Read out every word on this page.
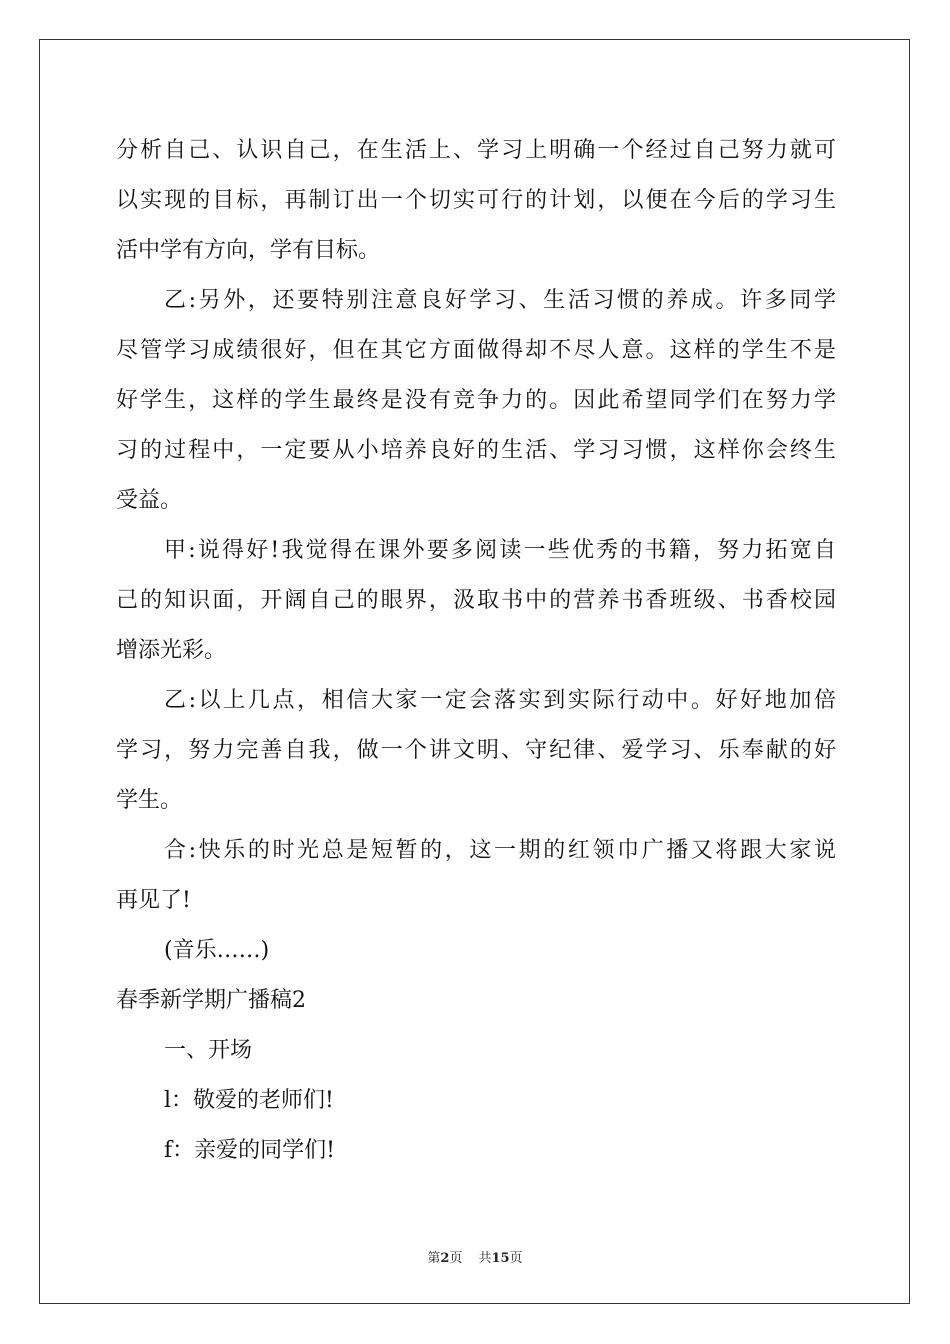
分析自己、认识自己，在生活上、学习上明确一个经过自己努力就可
以实现的目标，再制订出一个切实可行的计划，以便在今后的学习生
活中学有方向，学有目标。
乙:另外，还要特别注意良好学习、生活习惯的养成。许多同学
尽管学习成绩很好，但在其它方面做得却不尽人意。这样的学生不是
好学生，这样的学生最终是没有竞争力的。因此希望同学们在努力学
习的过程中，一定要从小培养良好的生活、学习习惯，这样你会终生
受益。
甲:说得好!我觉得在课外要多阅读一些优秀的书籍，努力拓宽自
己的知识面，开阔自己的眼界，汲取书中的营养书香班级、书香校园
增添光彩。
乙:以上几点，相信大家一定会落实到实际行动中。好好地加倍
学习，努力完善自我，做一个讲文明、守纪律、爱学习、乐奉献的好
学生。
合:快乐的时光总是短暂的，这一期的红领巾广播又将跟大家说
再见了!
(音乐……)
春季新学期广播稿2
一、开场
l：敬爱的老师们!
f：亲爱的同学们!
第2页 共15页
